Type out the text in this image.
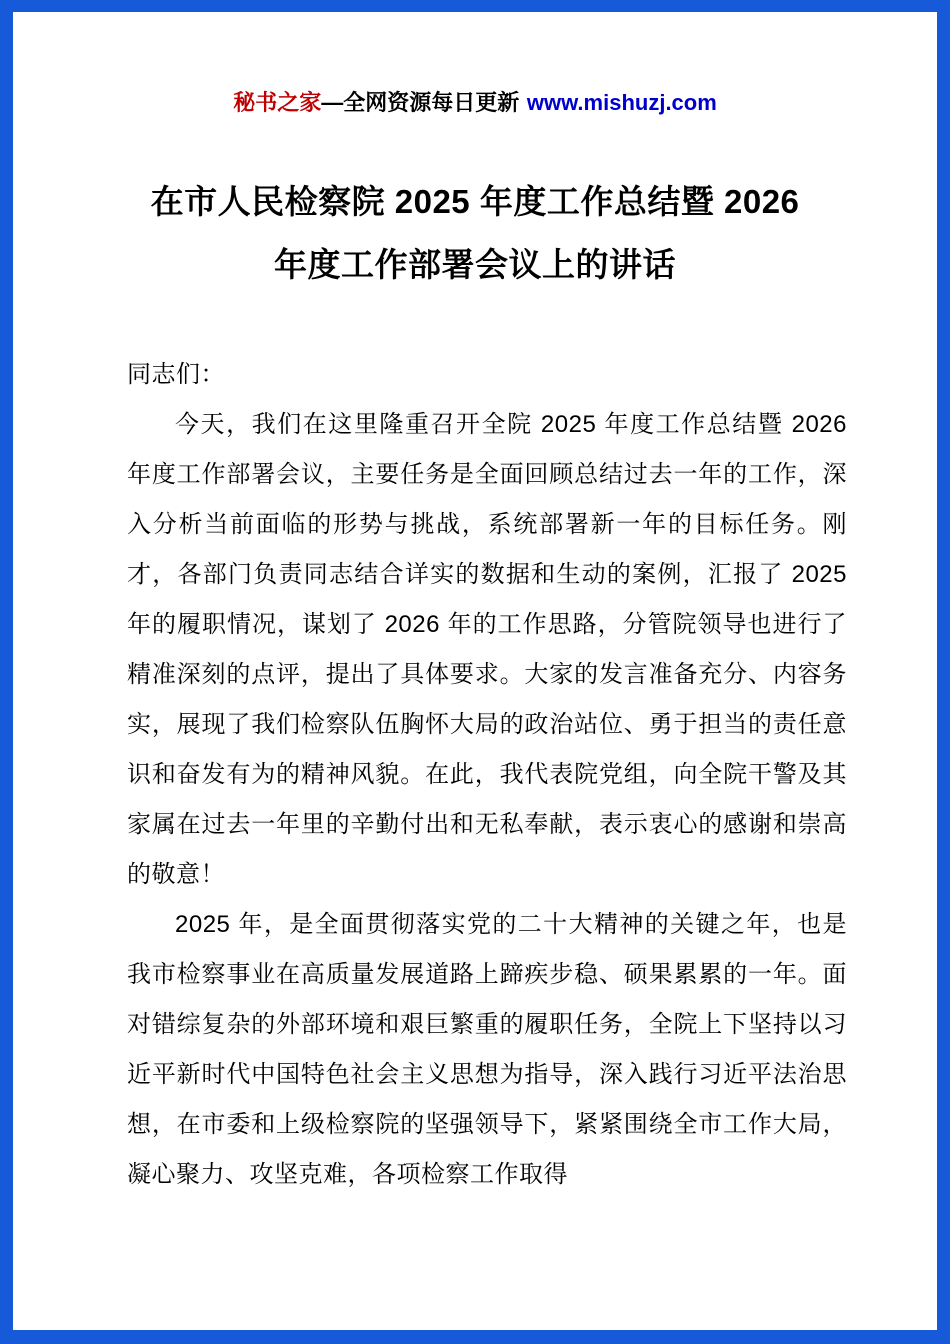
秘书之家—全网资源每日更新 www.mishuzj.com
在市人民检察院 2025 年度工作总结暨 2026
年度工作部署会议上的讲话

同志们：

今天，我们在这里隆重召开全院 2025 年度工作总结暨 2026 年度工作部署会议，主要任务是全面回顾总结过去一年的工作，深入分析当前面临的形势与挑战，系统部署新一年的目标任务。刚才，各部门负责同志结合详实的数据和生动的案例，汇报了 2025 年的履职情况，谋划了 2026 年的工作思路，分管院领导也进行了精准深刻的点评，提出了具体要求。大家的发言准备充分、内容务实，展现了我们检察队伍胸怀大局的政治站位、勇于担当的责任意识和奋发有为的精神风貌。在此，我代表院党组，向全院干警及其家属在过去一年里的辛勤付出和无私奉献，表示衷心的感谢和崇高的敬意！

2025 年，是全面贯彻落实党的二十大精神的关键之年，也是我市检察事业在高质量发展道路上蹄疾步稳、硕果累累的一年。面对错综复杂的外部环境和艰巨繁重的履职任务，全院上下坚持以习近平新时代中国特色社会主义思想为指导，深入践行习近平法治思想，在市委和上级检察院的坚强领导下，紧紧围绕全市工作大局，凝心聚力、攻坚克难，各项检察工作取得
